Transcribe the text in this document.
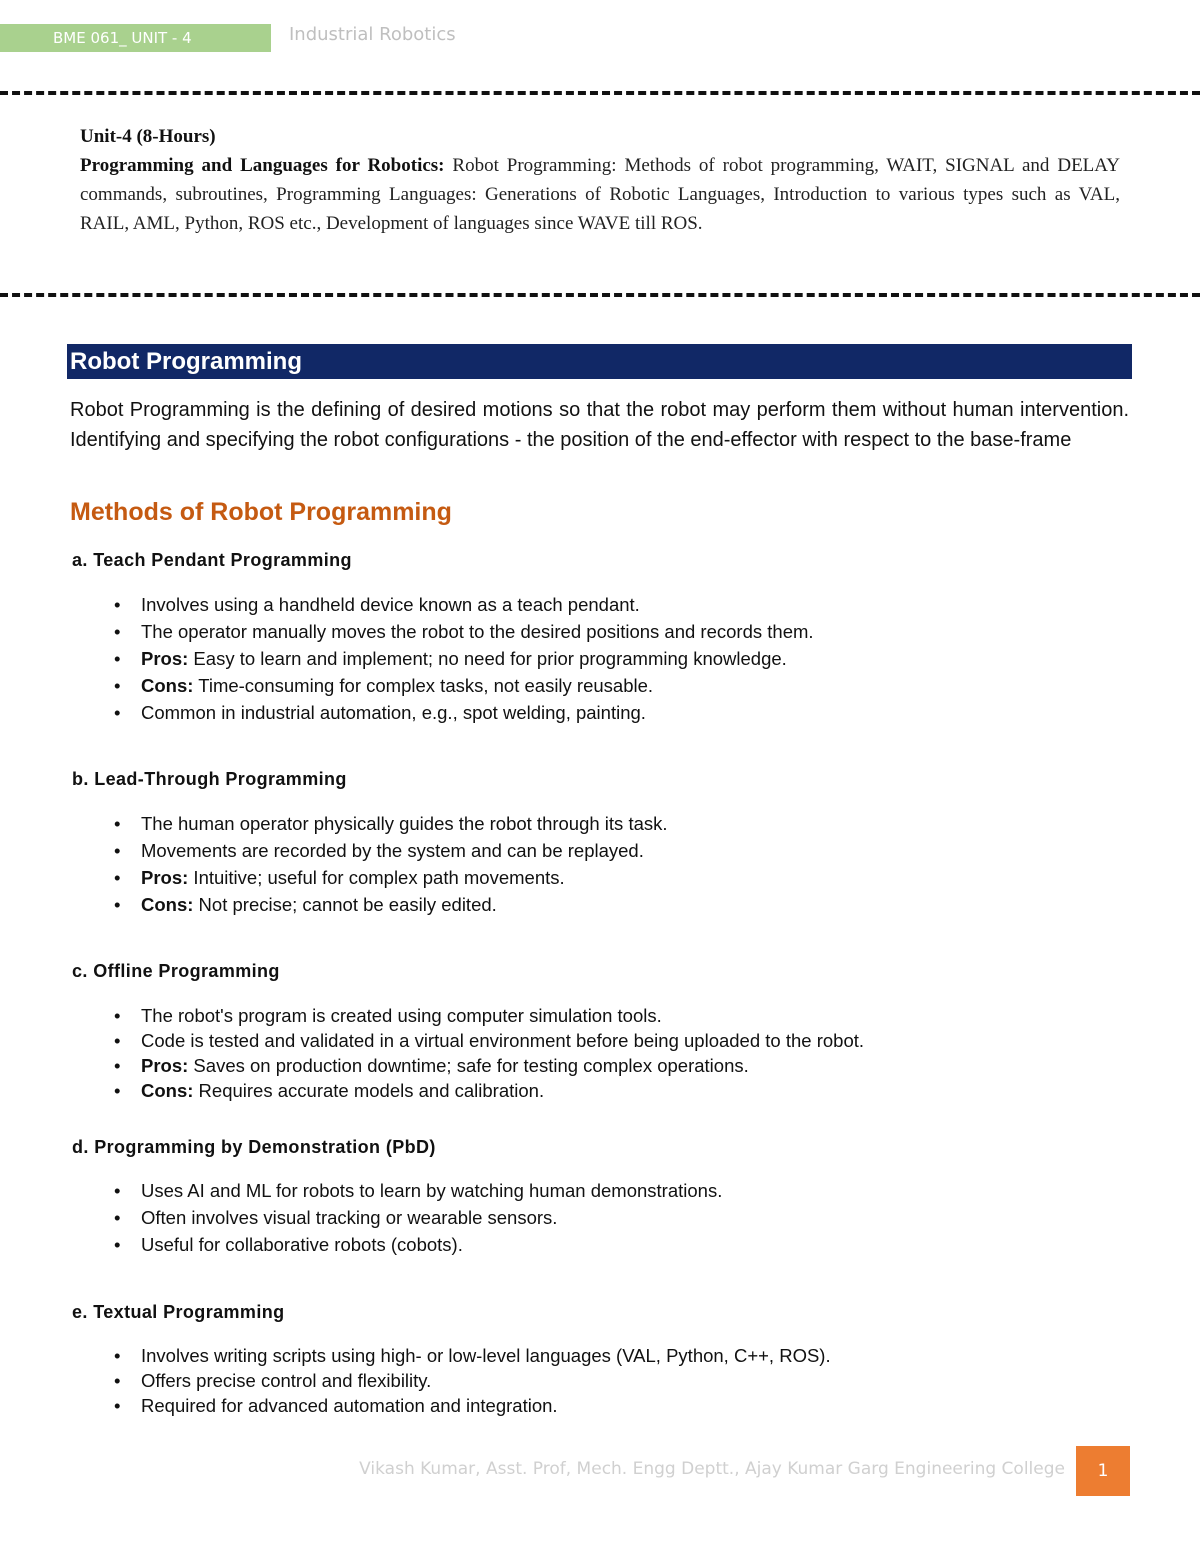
BME 061_ UNIT - 4	Industrial Robotics
Unit-4 (8-Hours)
Programming and Languages for Robotics: Robot Programming: Methods of robot programming, WAIT, SIGNAL and DELAY commands, subroutines, Programming Languages: Generations of Robotic Languages, Introduction to various types such as VAL, RAIL, AML, Python, ROS etc., Development of languages since WAVE till ROS.
Robot Programming
Robot Programming is the defining of desired motions so that the robot may perform them without human intervention. Identifying and specifying the robot configurations - the position of the end-effector with respect to the base-frame
Methods of Robot Programming
a. Teach Pendant Programming
• Involves using a handheld device known as a teach pendant.
• The operator manually moves the robot to the desired positions and records them.
• Pros: Easy to learn and implement; no need for prior programming knowledge.
• Cons: Time-consuming for complex tasks, not easily reusable.
• Common in industrial automation, e.g., spot welding, painting.
b. Lead-Through Programming
• The human operator physically guides the robot through its task.
• Movements are recorded by the system and can be replayed.
• Pros: Intuitive; useful for complex path movements.
• Cons: Not precise; cannot be easily edited.
c. Offline Programming
• The robot's program is created using computer simulation tools.
• Code is tested and validated in a virtual environment before being uploaded to the robot.
• Pros: Saves on production downtime; safe for testing complex operations.
• Cons: Requires accurate models and calibration.
d. Programming by Demonstration (PbD)
• Uses AI and ML for robots to learn by watching human demonstrations.
• Often involves visual tracking or wearable sensors.
• Useful for collaborative robots (cobots).
e. Textual Programming
• Involves writing scripts using high- or low-level languages (VAL, Python, C++, ROS).
• Offers precise control and flexibility.
• Required for advanced automation and integration.
Vikash Kumar, Asst. Prof, Mech. Engg Deptt., Ajay Kumar Garg Engineering College	1
